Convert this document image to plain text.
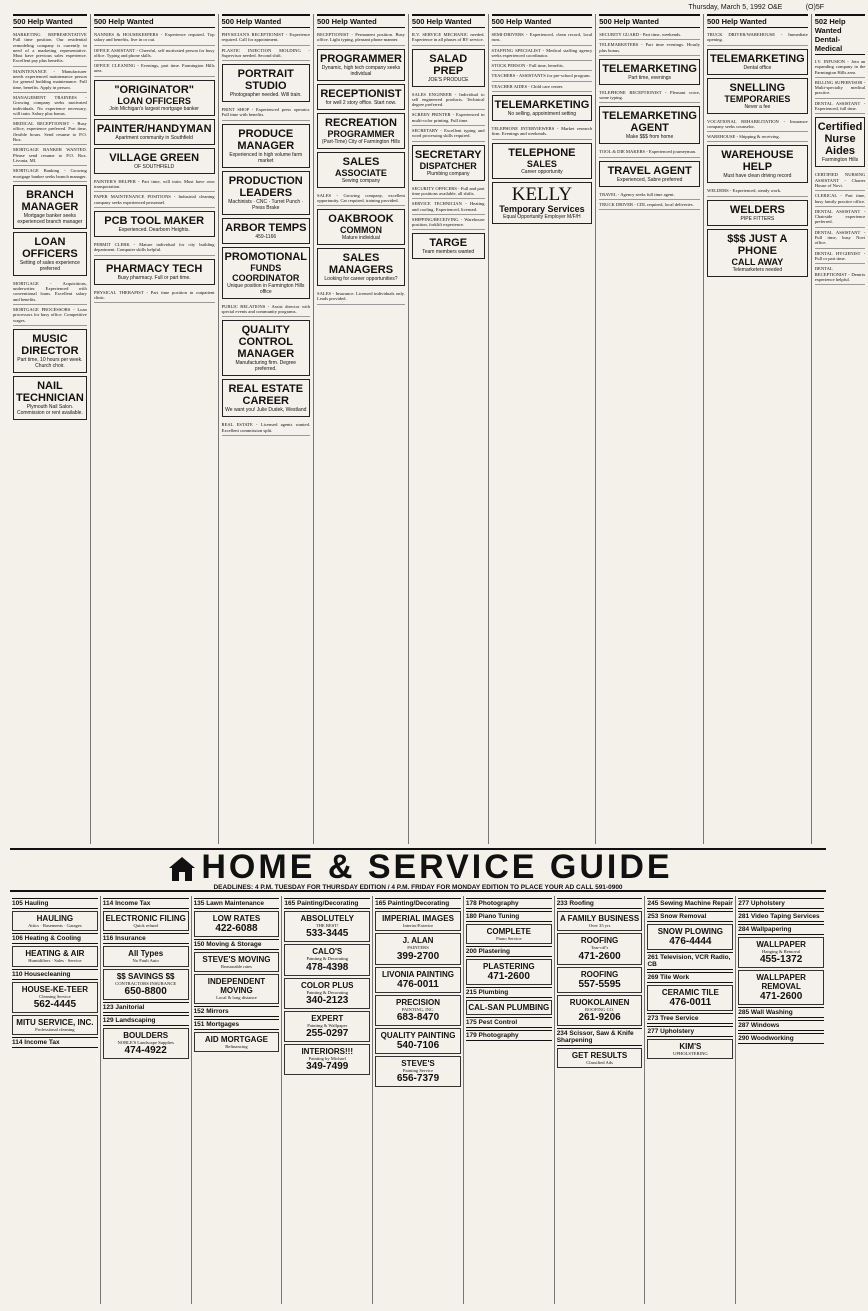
Thursday, March 5, 1992 O&E	(O)5F
500 Help Wanted
MARKETING REPRESENTATIVE Full time position. Our residential remodeling company is currently in need of a marketing representative. Must have previous sales experience. Excellent pay plus benefits.
MAINTENANCE - Manufacturer needs experienced maintenance person for general building maintenance. Full time, benefits. Apply in person.
MANAGEMENT TRAINEES - Growing company seeks motivated individuals. No experience necessary, will train. Salary plus bonus.
MEDICAL RECEPTIONIST - Busy office, experience preferred. Part time, flexible hours. Send resume to P.O. Box.
MORTGAGE BANKER WANTED. Please send resume to P.O. Box. Livonia, MI.
MORTGAGE Banking - Growing mortgage banker seeks branch manager.
BRANCH MANAGER
Mortgage banker seeks experienced branch manager
LOAN OFFICERS
Setting of sales experience preferred
MORTGAGE - Acquisitions, underwriter. Experienced with conventional loans. Excellent salary and benefits.
MORTGAGE PROCESSORS - Loan processors for busy office. Competitive wages.
MUSIC DIRECTOR
Part time, 10 hours per week. Church choir.
NAIL TECHNICIAN
Plymouth Nail Salon. Commission or rent available.
500 Help Wanted
NANNIES & HOUSEKEEPERS - Experience required. Top salary and benefits, live in or out.
OFFICE ASSISTANT - Cheerful, self motivated person for busy office. Typing and phone skills.
OFFICE CLEANING - Evenings, part time. Farmington Hills area.
"ORIGINATOR"
LOAN OFFICERS
Join Michigan's largest mortgage banker
PAINTER/HANDYMAN
Apartment community in Southfield
VILLAGE GREEN
OF SOUTHFIELD
PAINTER'S HELPER - Part time, will train. Must have own transportation.
PAPER MAINTENANCE POSITIONS - Industrial cleaning company seeks experienced personnel.
PCB TOOL MAKER
Experienced. Dearborn Heights.
PERMIT CLERK - Mature individual for city building department. Computer skills helpful.
PHARMACY TECH
Busy pharmacy. Full or part time.
PHYSICAL THERAPIST - Part time position in outpatient clinic.
500 Help Wanted
PHYSICIAN'S RECEPTIONIST - Experience required. Call for appointment.
PLASTIC INJECTION MOLDING - Supervisor needed. Second shift.
PORTRAIT STUDIO
Photographer needed. Will train.
PRINT SHOP - Experienced press operator. Full time with benefits.
PRODUCE MANAGER
Experienced in high volume farm market
PRODUCTION LEADERS
Machinists · CNC · Turret Punch · Press Brake
ARBOR TEMPS
459-1166
PROMOTIONAL
FUNDS COORDINATOR
Unique position in Farmington Hills office
PUBLIC RELATIONS - Assist director with special events and community programs.
QUALITY CONTROL MANAGER
Manufacturing firm. Degree preferred.
REAL ESTATE CAREER
We want you! Julie Dudek, Westland
REAL ESTATE - Licensed agents wanted. Excellent commission split.
500 Help Wanted
RECEPTIONIST - Permanent position. Busy office. Light typing, pleasant phone manner.
PROGRAMMER
Dynamic, high tech company seeks individual
RECEPTIONIST
for well 2 story office. Start now.
RECREATION
PROGRAMMER
(Part-Time) City of Farmington Hills
SALES
ASSOCIATE
Sewing company
SALES - Growing company, excellent opportunity. Car required, training provided.
OAKBROOK
COMMON
Mature individual
SALES MANAGERS
Looking for career opportunities?
SALES - Insurance. Licensed individuals only. Leads provided.
500 Help Wanted
R.V. SERVICE MECHANIC needed. Experience in all phases of RV service.
SALAD PREP
JOE'S PRODUCE
SALES ENGINEER - Individual to sell engineered products. Technical degree preferred.
SCREEN PRINTER - Experienced in multi-color printing. Full time.
SECRETARY - Excellent typing and word processing skills required.
SECRETARY
DISPATCHER
Plumbing company
SECURITY OFFICERS - Full and part time positions available, all shifts.
SERVICE TECHNICIAN - Heating and cooling. Experienced, licensed.
SHIPPING/RECEIVING - Warehouse position, forklift experience.
TARGE
Team members wanted
500 Help Wanted
SEMI-DRIVERS - Experienced, clean record, local runs.
STAFFING SPECIALIST - Medical staffing agency seeks experienced coordinator.
STOCK PERSON - Full time, benefits.
TEACHERS - ASSISTANTS for pre-school program.
TEACHER AIDES - Child care center.
TELEMARKETING
No selling, appointment setting
TELEPHONE INTERVIEWERS - Market research firm. Evenings and weekends.
TELEPHONE
SALES
Career opportunity
KELLY
Temporary Services
Equal Opportunity Employer M/F/H
500 Help Wanted
SECURITY GUARD - Part time, weekends.
TELEMARKETERS - Part time evenings. Hourly plus bonus.
TELEMARKETING
Part time, evenings
TELEPHONE RECEPTIONIST - Pleasant voice, some typing.
TELEMARKETING AGENT
Make $$$ from home
TOOL & DIE MAKERS - Experienced journeyman.
TRAVEL AGENT
Experienced, Sabre preferred
TRAVEL - Agency seeks full time agent.
TRUCK DRIVER - CDL required, local deliveries.
500 Help Wanted
TRUCK DRIVER/WAREHOUSE - Immediate opening.
TELEMARKETING
Dental office
SNELLING
TEMPORARIES
Never a fee
VOCATIONAL REHABILITATION - Insurance company seeks counselor.
WAREHOUSE - Shipping & receiving.
WAREHOUSE HELP
Must have clean driving record
WELDERS - Experienced, steady work.
WELDERS
PIPE FITTERS
$$$ JUST A PHONE
CALL AWAY
Telemarketers needed
502 Help Wanted Dental-Medical
I.V. INFUSION - Join an expanding company in the Farmington Hills area.
BILLING SUPERVISOR - Multi-specialty medical practice.
DENTAL ASSISTANT - Experienced, full time.
Certified Nurse Aides
Farmington Hills
CERTIFIED NURSING ASSISTANT - Charter House of Novi.
CLERICAL - Part time, busy family practice office.
DENTAL ASSISTANT - Chairside experience preferred.
DENTAL ASSISTANT - Full time, busy Novi office.
DENTAL HYGIENIST - Full or part time.
DENTAL RECEPTIONIST - Dentrix experience helpful.
HOME & SERVICE GUIDE
DEADLINES: 4 P.M. TUESDAY FOR THURSDAY EDITION / 4 P.M. FRIDAY FOR MONDAY EDITION TO PLACE YOUR AD CALL 591-0900
105 Hauling
HAULING
Attics · Basements · Garages
106 Heating & Cooling
HEATING & AIR
Humidifiers · Sales · Service
110 Housecleaning
HOUSE-KE-TEER
Cleaning Service
562-4445
MITU SERVICE, INC.
Professional cleaning
114 Income Tax
114 Income Tax
ELECTRONIC FILING
Quick refund
116 Insurance
All Types
No Fault Auto
$$ SAVINGS $$
CONTRACTORS INSURANCE
650-8800
123 Janitorial
129 Landscaping
BOULDERS
NOBLE'S Landscape Supplies
474-4922
135 Lawn Maintenance
LOW RATES
422-6088
150 Moving & Storage
STEVE'S MOVING
Reasonable rates
INDEPENDENT MOVING
Local & long distance
152 Mirrors
151 Mortgages
AID MORTGAGE
Refinancing
165 Painting/Decorating
ABSOLUTELY
THE BEST!
533-3445
CALO'S
Painting & Decorating
478-4398
COLOR PLUS
Painting & Decorating
340-2123
EXPERT
Painting & Wallpaper
255-0297
INTERIORS!!!
Painting by Michael
349-7499
165 Painting/Decorating
IMPERIAL IMAGES
Interior/Exterior
J. ALAN
PAINTERS
399-2700
LIVONIA PAINTING
476-0011
PRECISION
PAINTING, INC.
683-8470
QUALITY PAINTING
540-7106
STEVE'S
Painting Service
656-7379
178 Photography
180 Piano Tuning
COMPLETE
Piano Service
200 Plastering
PLASTERING
471-2600
215 Plumbing
CAL-SAN PLUMBING
175 Pest Control
179 Photography
233 Roofing
A FAMILY BUSINESS
Over 35 yrs
ROOFING
Tear-off's
471-2600
ROOFING
557-5595
RUOKOLAINEN
ROOFING CO.
261-9206
234 Scissor, Saw & Knife Sharpening
GET RESULTS
Classified Ads
245 Sewing Machine Repair
253 Snow Removal
SNOW PLOWING
476-4444
261 Television, VCR Radio, CB
269 Tile Work
CERAMIC TILE
476-0011
273 Tree Service
277 Upholstery
KIM'S
UPHOLSTERING
277 Upholstery
281 Video Taping Services
284 Wallpapering
WALLPAPER
Hanging & Removal
455-1372
WALLPAPER REMOVAL
471-2600
285 Wall Washing
287 Windows
290 Woodworking
